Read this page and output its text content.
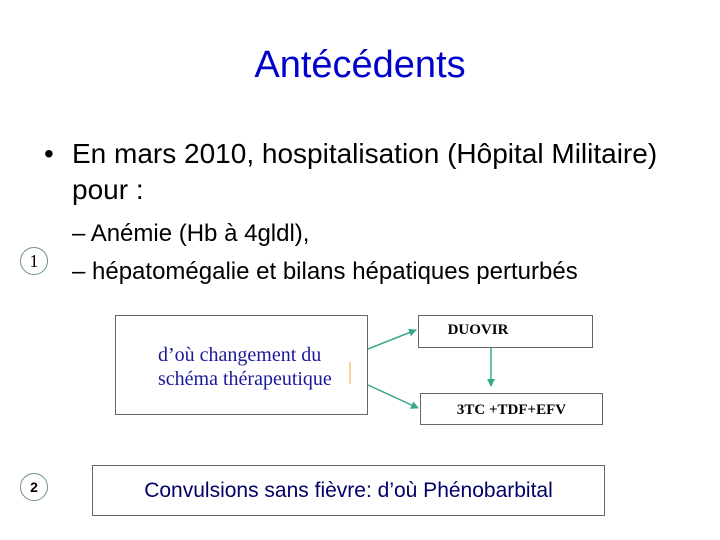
Antécédents
• En mars 2010, hospitalisation (Hôpital Militaire) pour :
– Anémie (Hb à 4gldl),
– hépatomégalie et bilans hépatiques perturbés
1
2
d’où changement du
schéma thérapeutique
DUOVIR
3TC +TDF+EFV
Convulsions sans fièvre: d’où Phénobarbital
